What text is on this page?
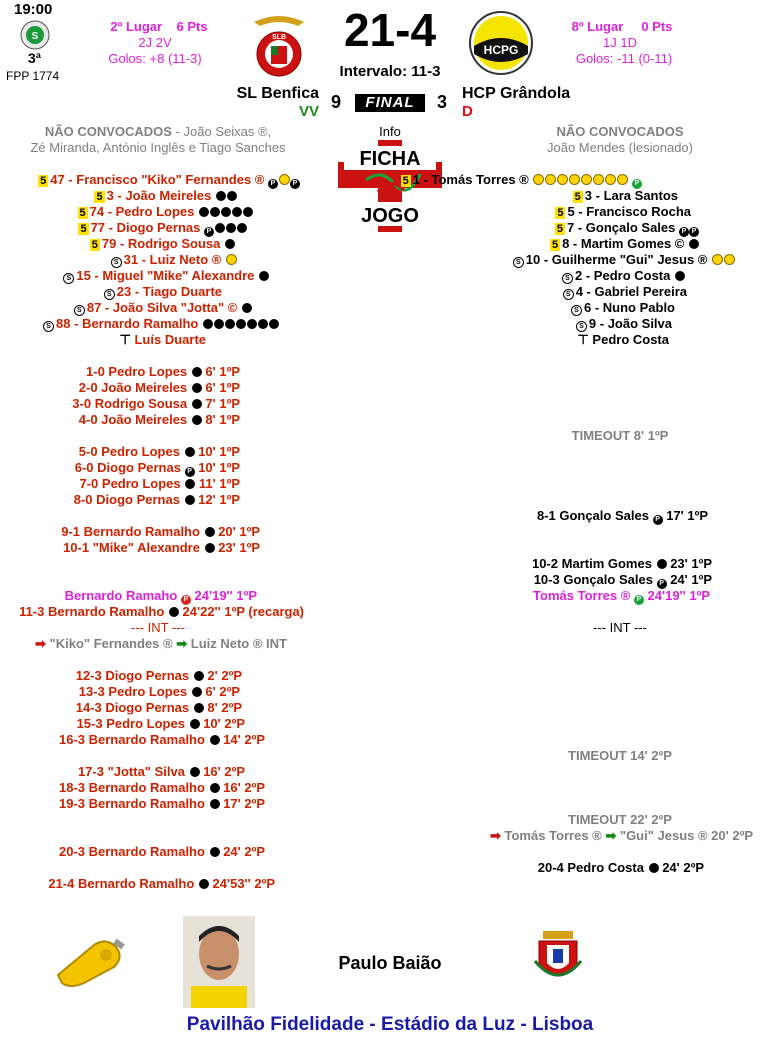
19:00
S
3ª
FPP 1774
2º Lugar 6 Pts
2J 2V
Golos: +8 (11-3)
SLB 21-4
Intervalo: 11-3
HCPG
8º Lugar 0 Pts
1J 1D
Golos: -11 (0-11)
SL Benfica
VV 9	FINAL	3 HCP Grândola
D
NÃO CONVOCADOS - João Seixas ®,
Zé Miranda, António Inglês e Tiago Sanches
NÃO CONVOCADOS
João Mendes (lesionado)
Info
FICHA
JOGO
5 47 - Francisco "Kiko" Fernandes ® P P
5 3 - João Meireles
5 74 - Pedro Lopes
5 77 - Diogo Pernas P
5 79 - Rodrigo Sousa
S 31 - Luiz Neto ®
S 15 - Miguel "Mike" Alexandre
S 23 - Tiago Duarte
S 87 - João Silva "Jotta" ©
S 88 - Bernardo Ramalho
⊤ Luís Duarte
5 1 - Tomás Torres ®	P
5 3 - Lara Santos
5 5 - Francisco Rocha
5 7 - Gonçalo Sales P P
5 8 - Martim Gomes ©
S 10 - Guilherme "Gui" Jesus ®
S 2 - Pedro Costa
S 4 - Gabriel Pereira
S 6 - Nuno Pablo
S 9 - João Silva
⊤ Pedro Costa
1-0 Pedro Lopes 6' 1ºP
2-0 João Meireles 6' 1ºP
3-0 Rodrigo Sousa 7' 1ºP
4-0 João Meireles 8' 1ºP
5-0 Pedro Lopes 10' 1ºP
6-0 Diogo Pernas P 10' 1ºP
7-0 Pedro Lopes 11' 1ºP
8-0 Diogo Pernas 12' 1ºP
9-1 Bernardo Ramalho 20' 1ºP
10-1 "Mike" Alexandre 23' 1ºP
Bernardo Ramaho P 24'19'' 1ºP
11-3 Bernardo Ramalho 24'22'' 1ºP (recarga)
--- INT ---
➡ "Kiko" Fernandes ® ➡ Luiz Neto ® INT
12-3 Diogo Pernas 2' 2ºP
13-3 Pedro Lopes 6' 2ºP
14-3 Diogo Pernas 8' 2ºP
15-3 Pedro Lopes 10' 2ºP
16-3 Bernardo Ramalho 14' 2ºP
17-3 "Jotta" Silva 16' 2ºP
18-3 Bernardo Ramalho 16' 2ºP
19-3 Bernardo Ramalho 17' 2ºP
20-3 Bernardo Ramalho 24' 2ºP
21-4 Bernardo Ramalho 24'53'' 2ºP
TIMEOUT 8' 1ºP
8-1 Gonçalo Sales P 17' 1ºP
10-2 Martim Gomes 23' 1ºP
10-3 Gonçalo Sales P 24' 1ºP
Tomás Torres ® P 24'19'' 1ºP
--- INT ---
TIMEOUT 14' 2ºP
TIMEOUT 22' 2ºP
➡ Tomás Torres ® ➡ "Gui" Jesus ® 20' 2ºP
20-4 Pedro Costa 24' 2ºP
Paulo Baião
Pavilhão Fidelidade - Estádio da Luz - Lisboa
